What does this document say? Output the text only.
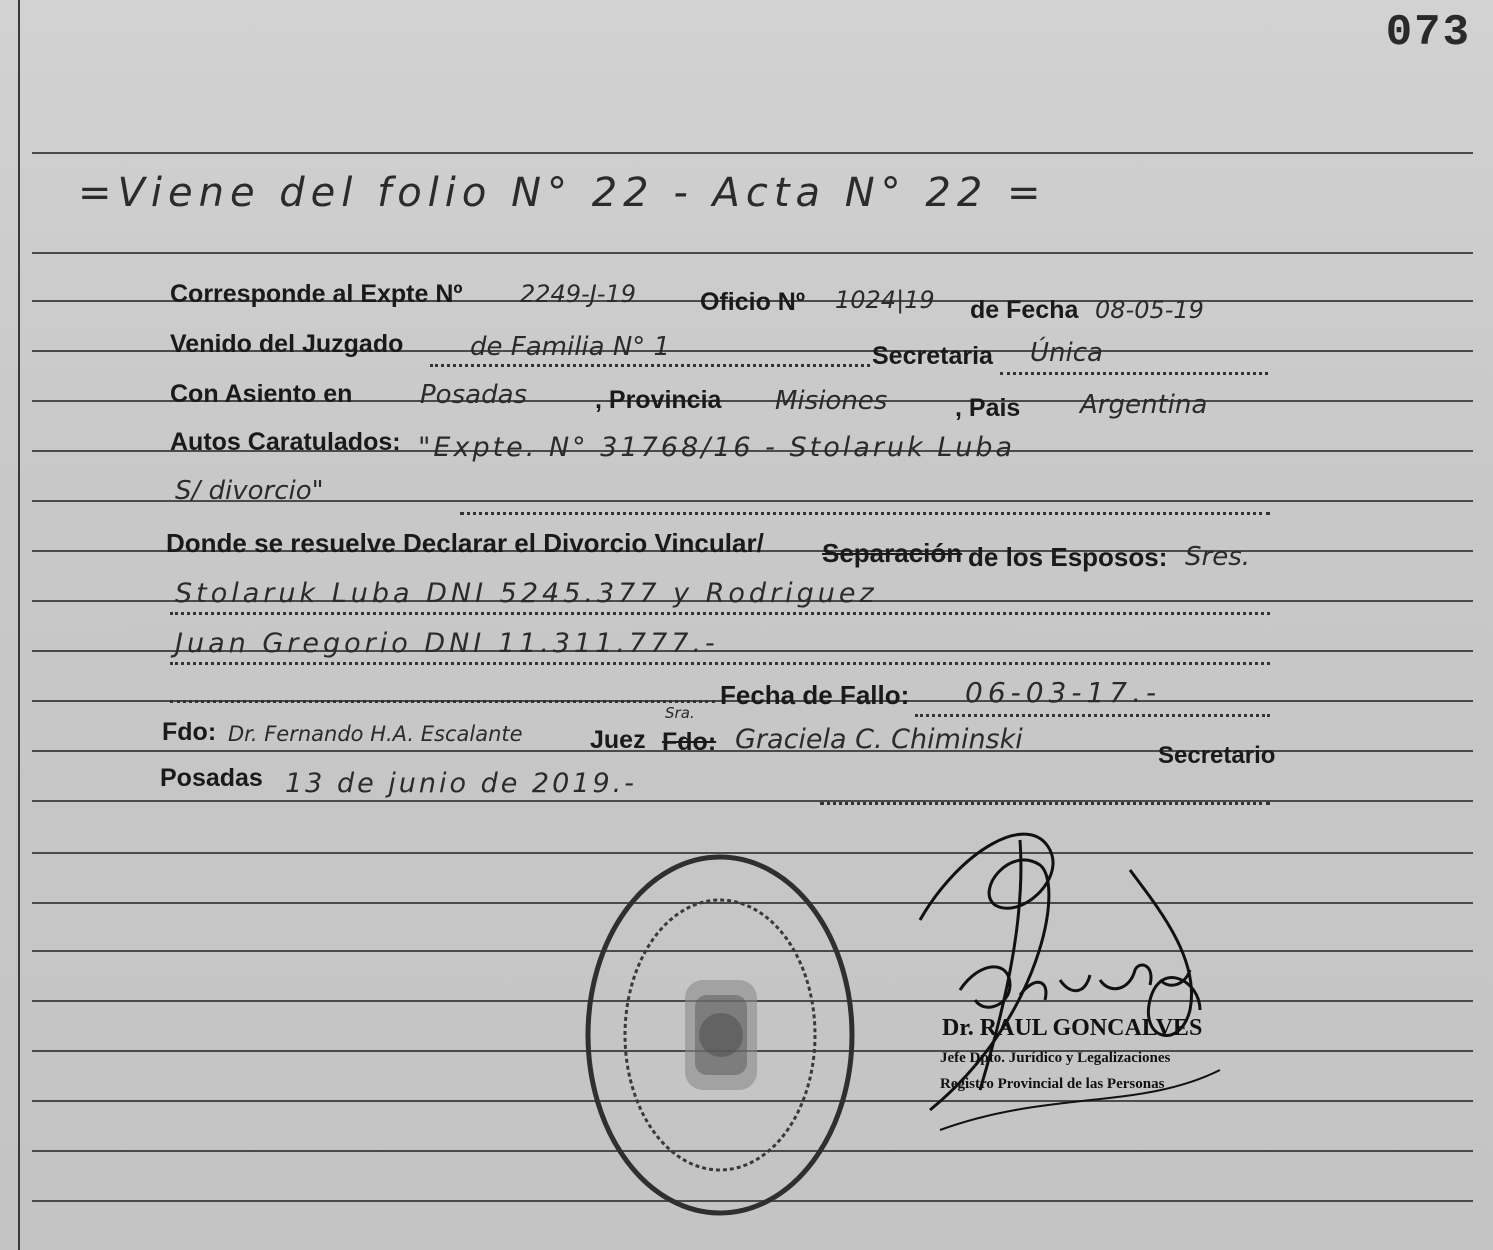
073
=Viene del folio N° 22 - Acta N° 22 =
Corresponde al Expte Nº 2249-J-19	Oficio Nº 1024|19 de Fecha 08-05-19
Venido del Juzgado	de Familia N° 1	Secretaria Única
Con Asiento en	Posadas	, Provincia Misiones	, Pais Argentina
Autos Caratulados: "Expte. N° 31768/16 - Stolaruk Luba
S/ divorcio"
Donde se resuelve Declarar el Divorcio Vincular/ Separación de los Esposos: Sres.
Stolaruk Luba DNI 5245.377 y Rodriguez
Juan Gregorio DNI 11.311.777.-
Fecha de Fallo: 06-03-17.-
Fdo: Dr. Fernando H.A. Escalante	Juez Fdo:
Sra.
Graciela C. Chiminski
Secretario
Posadas 13 de junio de 2019.-
Dr. RAUL GONCALVES
Jefe Dpto. Jurídico y Legalizaciones
Registro Provincial de las Personas
